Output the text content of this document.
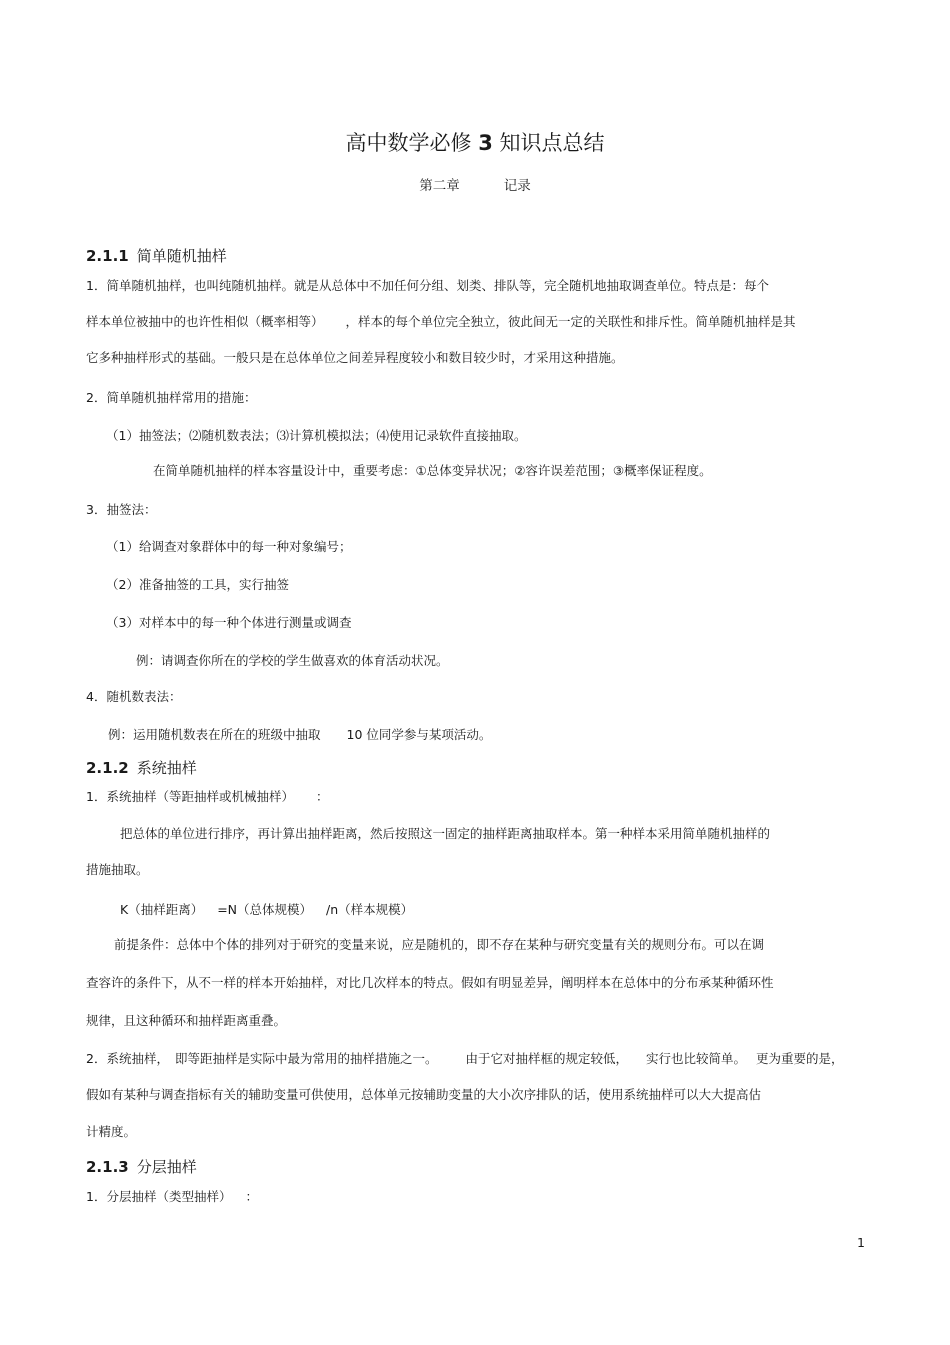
高中数学必修 3 知识点总结
第二章	记录
2.1.1 简单随机抽样
1．简单随机抽样，也叫纯随机抽样。就是从总体中不加任何分组、划类、排队等，完全随机地抽取调查单位。特点是：每个
样本单位被抽中的也许性相似（概率相等） ，样本的每个单位完全独立，彼此间无一定的关联性和排斥性。简单随机抽样是其
它多种抽样形式的基础。一般只是在总体单位之间差异程度较小和数目较少时，才采用这种措施。
2．简单随机抽样常用的措施：
（1）抽签法；⑵随机数表法；⑶计算机模拟法；⑷使用记录软件直接抽取。
在简单随机抽样的样本容量设计中，重要考虑：①总体变异状况；②容许误差范围；③概率保证程度。
3．抽签法：
（1）给调查对象群体中的每一种对象编号；
（2）准备抽签的工具，实行抽签
（3）对样本中的每一种个体进行测量或调查
例：请调查你所在的学校的学生做喜欢的体育活动状况。
4．随机数表法：
例：运用随机数表在所在的班级中抽取 10 位同学参与某项活动。
2.1.2 系统抽样
1．系统抽样（等距抽样或机械抽样） ：
把总体的单位进行排序，再计算出抽样距离，然后按照这一固定的抽样距离抽取样本。第一种样本采用简单随机抽样的
措施抽取。
K（抽样距离） =N（总体规模） /n（样本规模）
前提条件：总体中个体的排列对于研究的变量来说，应是随机的，即不存在某种与研究变量有关的规则分布。可以在调
查容许的条件下，从不一样的样本开始抽样，对比几次样本的特点。假如有明显差异，阐明样本在总体中的分布承某种循环性
规律，且这种循环和抽样距离重叠。
2．系统抽样， 即等距抽样是实际中最为常用的抽样措施之一。 由于它对抽样框的规定较低， 实行也比较简单。 更为重要的是，
假如有某种与调查指标有关的辅助变量可供使用，总体单元按辅助变量的大小次序排队的话，使用系统抽样可以大大提高估
计精度。
2.1.3 分层抽样
1．分层抽样（类型抽样） ：
1
